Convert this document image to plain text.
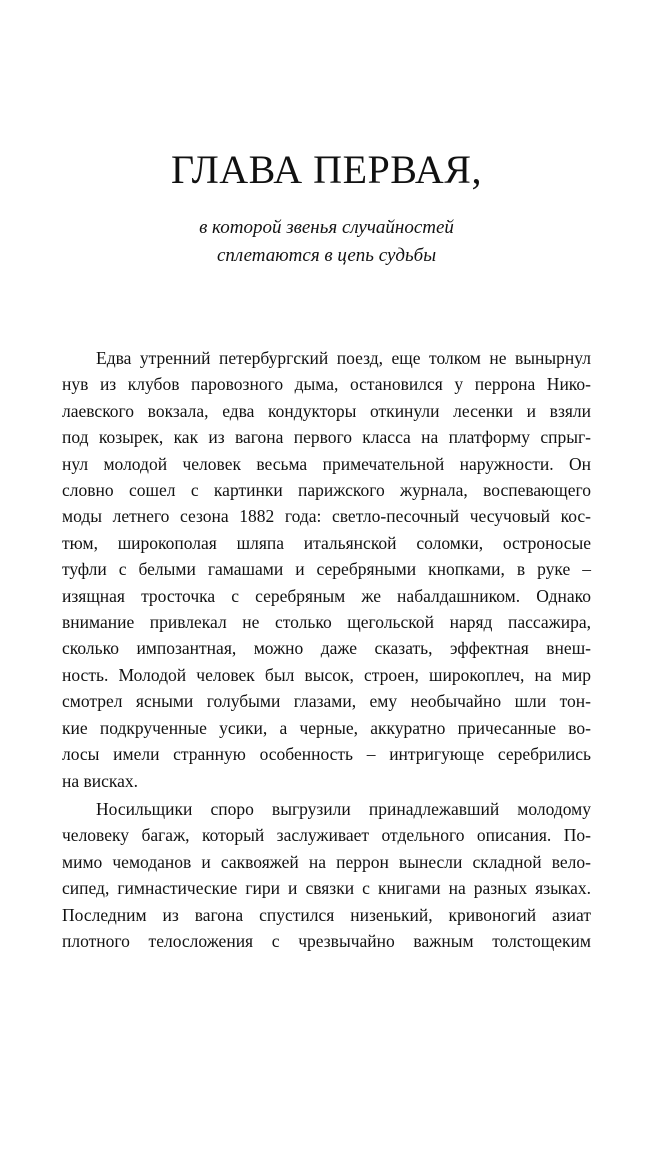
ГЛАВА ПЕРВАЯ,
в которой звенья случайностей
сплетаются в цепь судьбы

Едва утренний петербургский поезд, еще толком не вынырнул
нув из клубов паровозного дыма, остановился у перрона Нико-
лаевского вокзала, едва кондукторы откинули лесенки и взяли
под козырек, как из вагона первого класса на платформу спрыг-
нул молодой человек весьма примечательной наружности. Он
словно сошел с картинки парижского журнала, воспевающего
моды летнего сезона 1882 года: светло-песочный чесучовый кос-
тюм, широкополая шляпа итальянской соломки, остроносые
туфли с белыми гамашами и серебряными кнопками, в руке –
изящная тросточка с серебряным же набалдашником. Однако
внимание привлекал не столько щегольской наряд пассажира,
сколько импозантная, можно даже сказать, эффектная внеш-
ность. Молодой человек был высок, строен, широкоплеч, на мир
смотрел ясными голубыми глазами, ему необычайно шли тон-
кие подкрученные усики, а черные, аккуратно причесанные во-
лосы имели странную особенность – интригующе серебрились
на висках.

Носильщики споро выгрузили принадлежавший молодому
человеку багаж, который заслуживает отдельного описания. По-
мимо чемоданов и саквояжей на перрон вынесли складной вело-
сипед, гимнастические гири и связки с книгами на разных языках.
Последним из вагона спустился низенький, кривоногий азиат
плотного телосложения с чрезвычайно важным толстощеким
